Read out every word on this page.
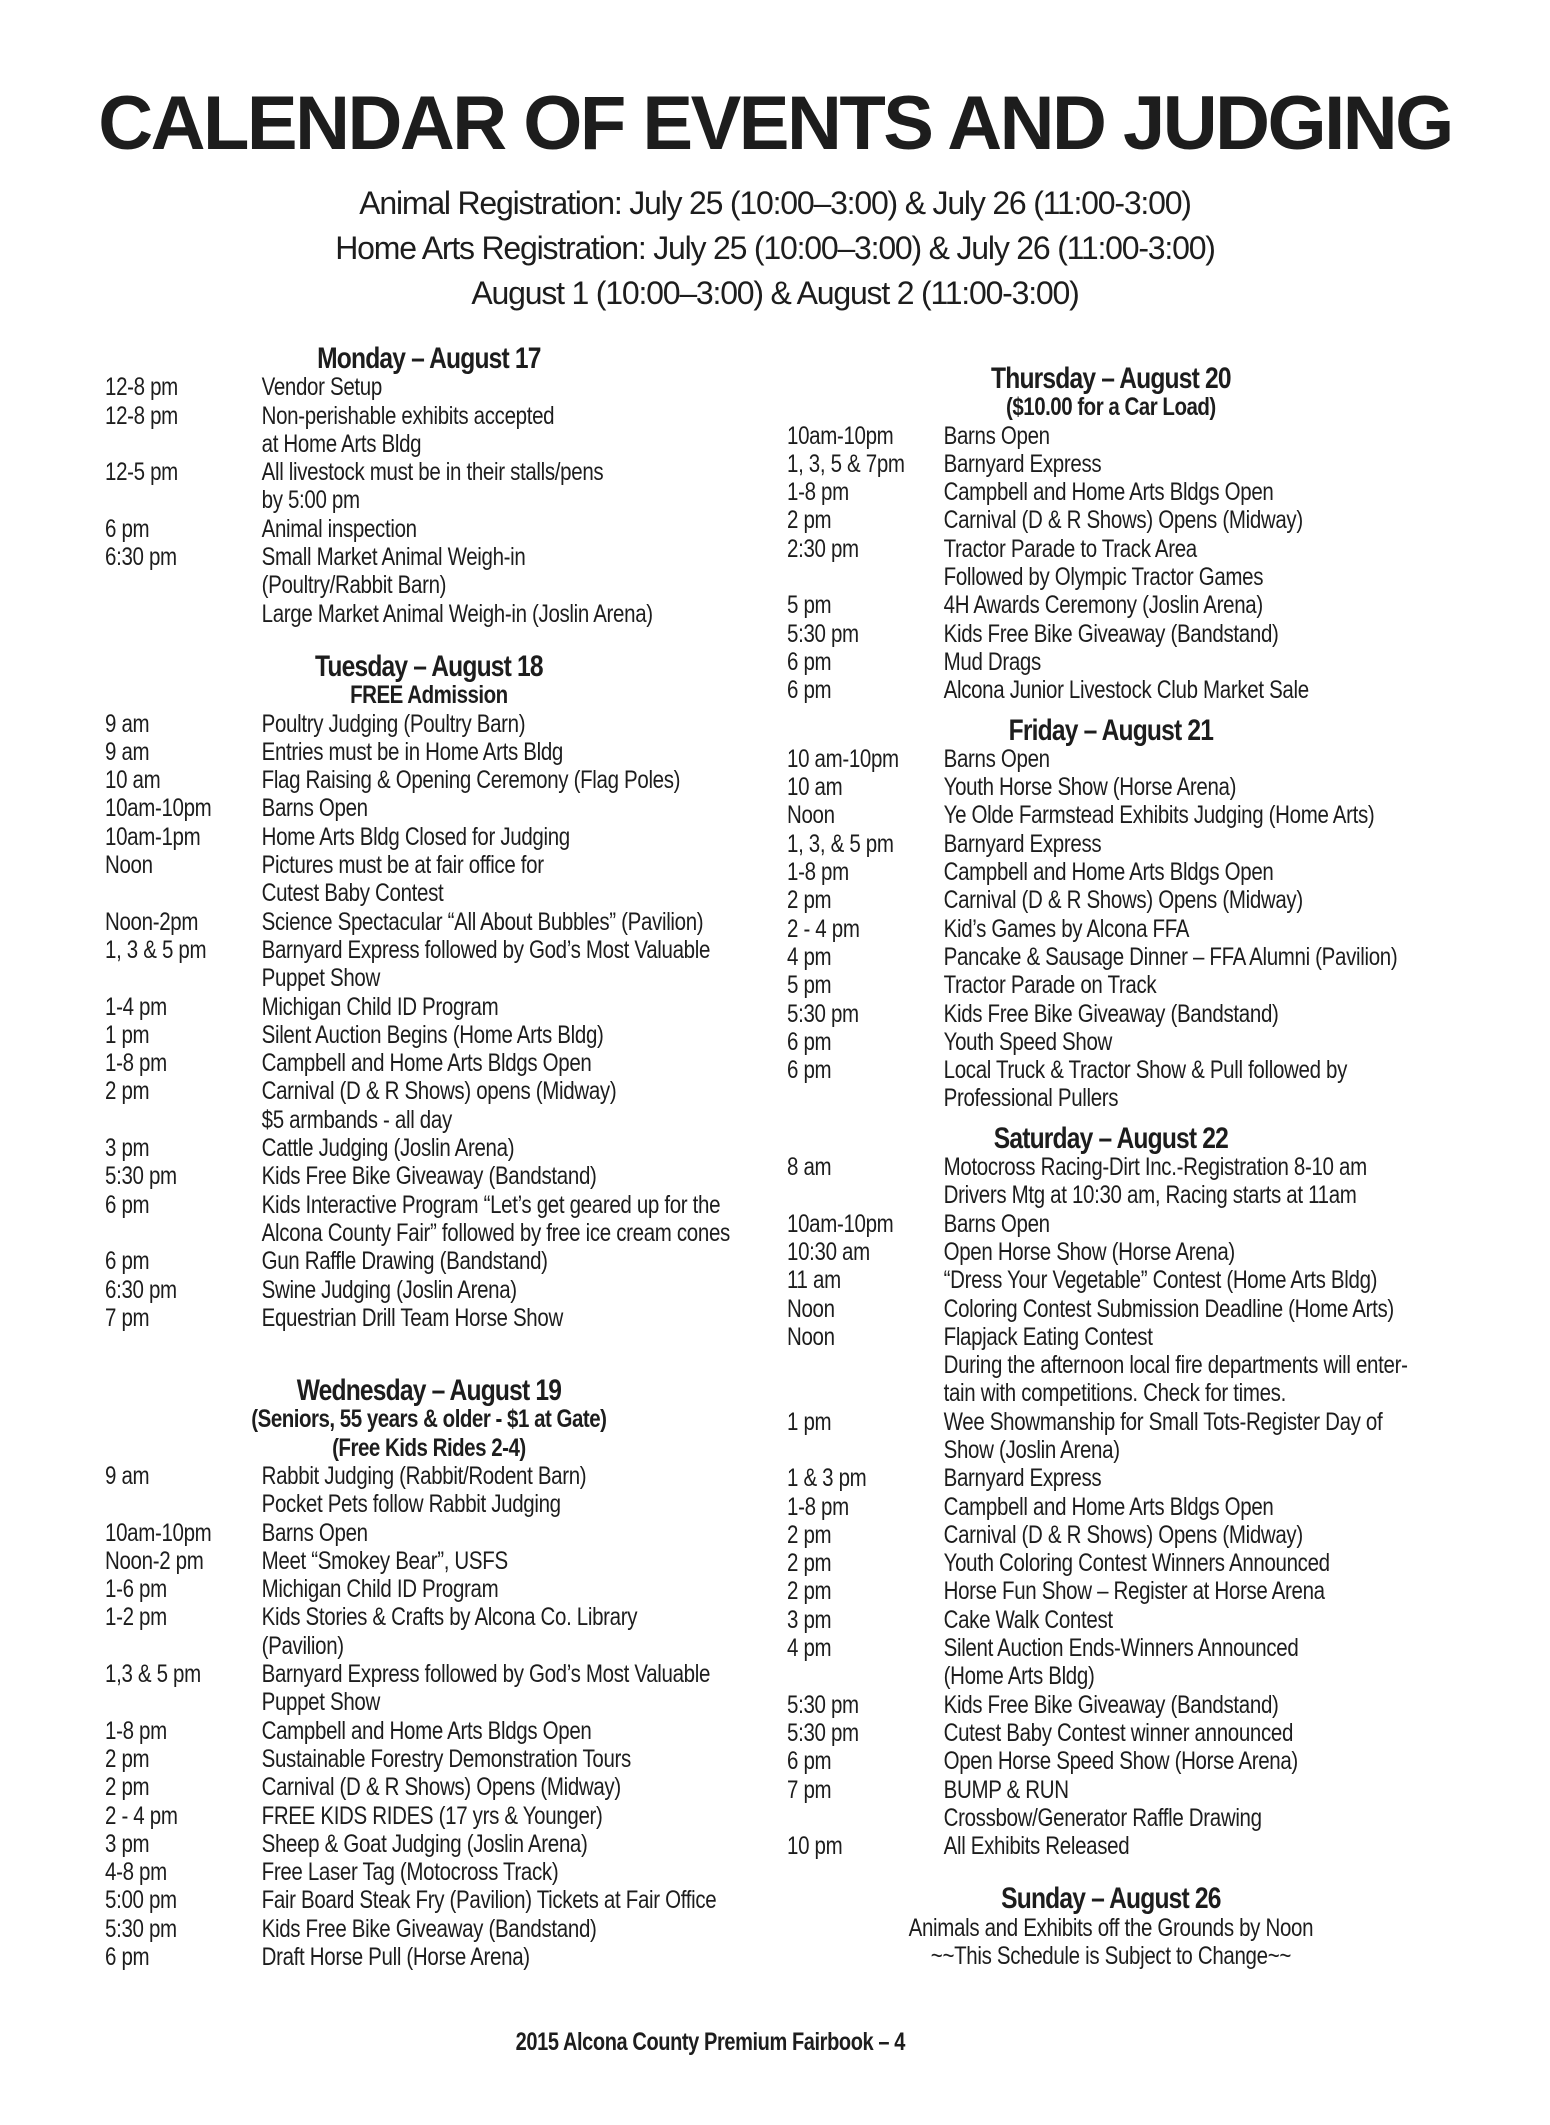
CALENDAR OF EVENTS AND JUDGING
Animal Registration: July 25 (10:00–3:00) & July 26 (11:00-3:00)
Home Arts Registration: July 25 (10:00–3:00) & July 26 (11:00-3:00)
August 1 (10:00–3:00) & August 2 (11:00-3:00)
Monday – August 17
12-8 pm	Vendor Setup
12-8 pm	Non-perishable exhibits accepted
at Home Arts Bldg
12-5 pm	All livestock must be in their stalls/pens
by 5:00 pm
6 pm	Animal inspection
6:30 pm	Small Market Animal Weigh-in
(Poultry/Rabbit Barn)
Large Market Animal Weigh-in (Joslin Arena)
Tuesday – August 18
FREE Admission
9 am	Poultry Judging (Poultry Barn)
9 am	Entries must be in Home Arts Bldg
10 am	Flag Raising & Opening Ceremony (Flag Poles)
10am-10pm	Barns Open
10am-1pm	Home Arts Bldg Closed for Judging
Noon	Pictures must be at fair office for
Cutest Baby Contest
Noon-2pm	Science Spectacular “All About Bubbles” (Pavilion)
1, 3 & 5 pm	Barnyard Express followed by God’s Most Valuable
Puppet Show
1-4 pm	Michigan Child ID Program
1 pm	Silent Auction Begins (Home Arts Bldg)
1-8 pm	Campbell and Home Arts Bldgs Open
2 pm	Carnival (D & R Shows) opens (Midway)
$5 armbands - all day
3 pm	Cattle Judging (Joslin Arena)
5:30 pm	Kids Free Bike Giveaway (Bandstand)
6 pm	Kids Interactive Program “Let’s get geared up for the
Alcona County Fair” followed by free ice cream cones
6 pm	Gun Raffle Drawing (Bandstand)
6:30 pm	Swine Judging (Joslin Arena)
7 pm	Equestrian Drill Team Horse Show
Wednesday – August 19
(Seniors, 55 years & older - $1 at Gate)
(Free Kids Rides 2-4)
9 am	Rabbit Judging (Rabbit/Rodent Barn)
Pocket Pets follow Rabbit Judging
10am-10pm	Barns Open
Noon-2 pm	Meet “Smokey Bear”, USFS
1-6 pm	Michigan Child ID Program
1-2 pm	Kids Stories & Crafts by Alcona Co. Library
(Pavilion)
1,3 & 5 pm	Barnyard Express followed by God’s Most Valuable
Puppet Show
1-8 pm	Campbell and Home Arts Bldgs Open
2 pm	Sustainable Forestry Demonstration Tours
2 pm	Carnival (D & R Shows) Opens (Midway)
2 - 4 pm	FREE KIDS RIDES (17 yrs & Younger)
3 pm	Sheep & Goat Judging (Joslin Arena)
4-8 pm	Free Laser Tag (Motocross Track)
5:00 pm	Fair Board Steak Fry (Pavilion) Tickets at Fair Office
5:30 pm	Kids Free Bike Giveaway (Bandstand)
6 pm	Draft Horse Pull (Horse Arena)
Thursday – August 20
($10.00 for a Car Load)
10am-10pm	Barns Open
1, 3, 5 & 7pm	Barnyard Express
1-8 pm	Campbell and Home Arts Bldgs Open
2 pm	Carnival (D & R Shows) Opens (Midway)
2:30 pm	Tractor Parade to Track Area
Followed by Olympic Tractor Games
5 pm	4H Awards Ceremony (Joslin Arena)
5:30 pm	Kids Free Bike Giveaway (Bandstand)
6 pm	Mud Drags
6 pm	Alcona Junior Livestock Club Market Sale
Friday – August 21
10 am-10pm	Barns Open
10 am	Youth Horse Show (Horse Arena)
Noon	Ye Olde Farmstead Exhibits Judging (Home Arts)
1, 3, & 5 pm	Barnyard Express
1-8 pm	Campbell and Home Arts Bldgs Open
2 pm	Carnival (D & R Shows) Opens (Midway)
2 - 4 pm	Kid’s Games by Alcona FFA
4 pm	Pancake & Sausage Dinner – FFA Alumni (Pavilion)
5 pm	Tractor Parade on Track
5:30 pm	Kids Free Bike Giveaway (Bandstand)
6 pm	Youth Speed Show
6 pm	Local Truck & Tractor Show & Pull followed by
Professional Pullers
Saturday – August 22
8 am	Motocross Racing-Dirt Inc.-Registration 8-10 am
Drivers Mtg at 10:30 am, Racing starts at 11am
10am-10pm	Barns Open
10:30 am	Open Horse Show (Horse Arena)
11 am	“Dress Your Vegetable” Contest (Home Arts Bldg)
Noon	Coloring Contest Submission Deadline (Home Arts)
Noon	Flapjack Eating Contest
During the afternoon local fire departments will enter-
tain with competitions. Check for times.
1 pm	Wee Showmanship for Small Tots-Register Day of
Show (Joslin Arena)
1 & 3 pm	Barnyard Express
1-8 pm	Campbell and Home Arts Bldgs Open
2 pm	Carnival (D & R Shows) Opens (Midway)
2 pm	Youth Coloring Contest Winners Announced
2 pm	Horse Fun Show – Register at Horse Arena
3 pm	Cake Walk Contest
4 pm	Silent Auction Ends-Winners Announced
(Home Arts Bldg)
5:30 pm	Kids Free Bike Giveaway (Bandstand)
5:30 pm	Cutest Baby Contest winner announced
6 pm	Open Horse Speed Show (Horse Arena)
7 pm	BUMP & RUN
Crossbow/Generator Raffle Drawing
10 pm	All Exhibits Released
Sunday – August 26
Animals and Exhibits off the Grounds by Noon
~~This Schedule is Subject to Change~~
2015 Alcona County Premium Fairbook – 4
